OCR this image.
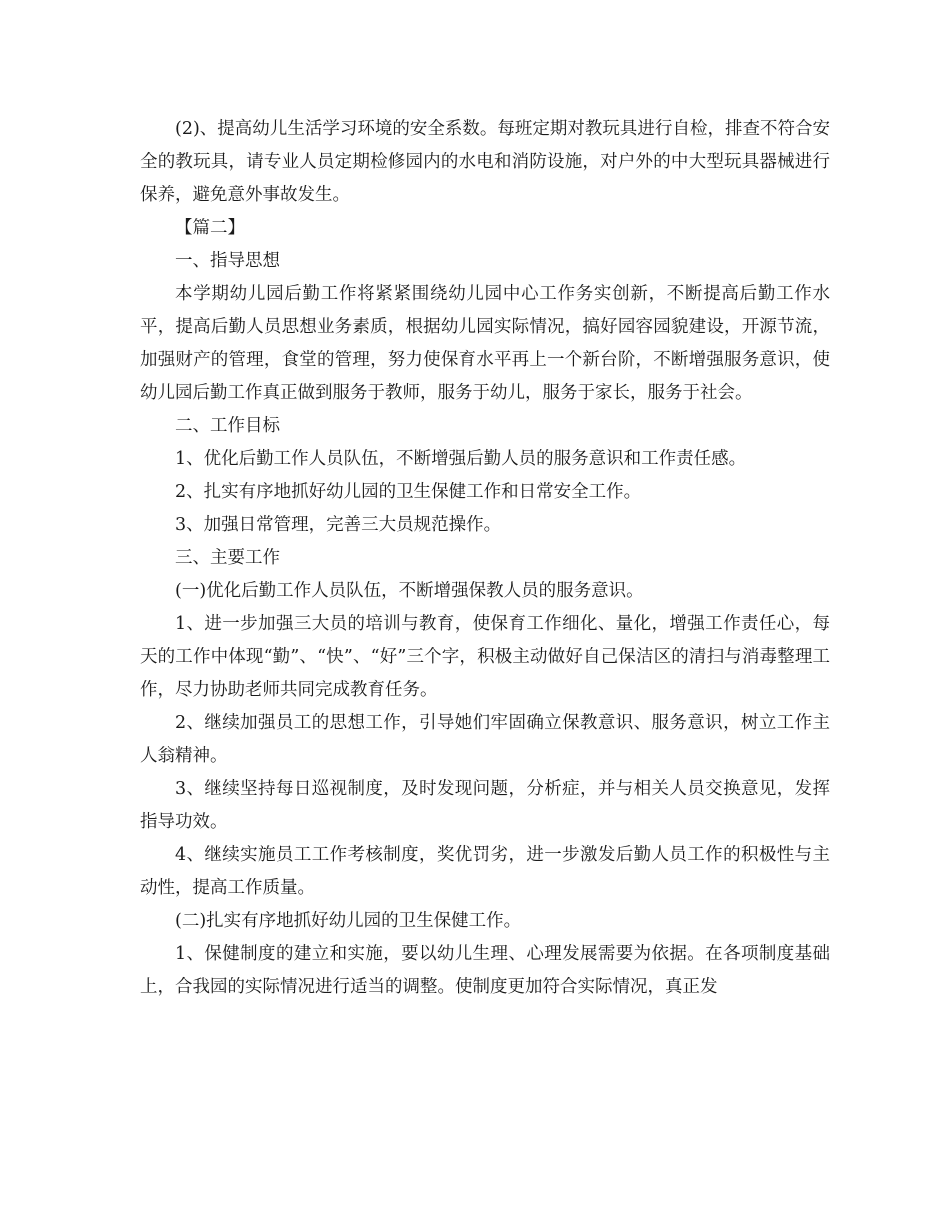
(2)、提高幼儿生活学习环境的安全系数。每班定期对教玩具进行自检，排查不符合安全的教玩具，请专业人员定期检修园内的水电和消防设施，对户外的中大型玩具器械进行保养，避免意外事故发生。

【篇二】

一、指导思想

本学期幼儿园后勤工作将紧紧围绕幼儿园中心工作务实创新，不断提高后勤工作水平，提高后勤人员思想业务素质，根据幼儿园实际情况，搞好园容园貌建设，开源节流，加强财产的管理，食堂的管理，努力使保育水平再上一个新台阶，不断增强服务意识，使幼儿园后勤工作真正做到服务于教师，服务于幼儿，服务于家长，服务于社会。

二、工作目标

1、优化后勤工作人员队伍，不断增强后勤人员的服务意识和工作责任感。

2、扎实有序地抓好幼儿园的卫生保健工作和日常安全工作。

3、加强日常管理，完善三大员规范操作。

三、主要工作

(一)优化后勤工作人员队伍，不断增强保教人员的服务意识。

1、进一步加强三大员的培训与教育，使保育工作细化、量化，增强工作责任心，每天的工作中体现“勤”、“快”、“好”三个字，积极主动做好自己保洁区的清扫与消毒整理工作，尽力协助老师共同完成教育任务。

2、继续加强员工的思想工作，引导她们牢固确立保教意识、服务意识，树立工作主人翁精神。

3、继续坚持每日巡视制度，及时发现问题，分析症，并与相关人员交换意见，发挥指导功效。

4、继续实施员工工作考核制度，奖优罚劣，进一步激发后勤人员工作的积极性与主动性，提高工作质量。

(二)扎实有序地抓好幼儿园的卫生保健工作。

1、保健制度的建立和实施，要以幼儿生理、心理发展需要为依据。在各项制度基础上，合我园的实际情况进行适当的调整。使制度更加符合实际情况，真正发
